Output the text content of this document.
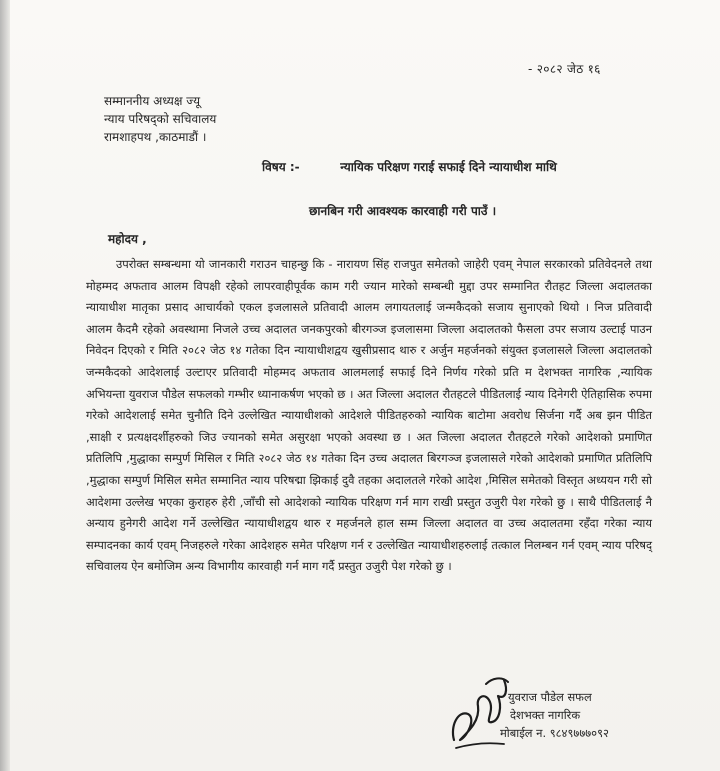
- २०८२ जेठ १६
सम्माननीय अध्यक्ष ज्यू
न्याय परिषद्‌को सचिवालय
रामशाहपथ ,काठमाडौं ।
विषय :-	न्यायिक परिक्षण गराई सफाई दिने न्यायाधीश माथि
छानबिन गरी आवश्यक कारवाही गरी पाउँ ।
महोदय ,
उपरोक्त सम्बन्धमा यो जानकारी गराउन चाहन्छु कि - नारायण सिंह राजपुत समेतको जाहेरी एवम् नेपाल सरकारको प्रतिवेदनले तथा मोहम्मद अफताव आलम विपक्षी रहेको लापरवाहीपूर्वक काम गरी ज्यान मारेको सम्बन्धी मुद्दा उपर सम्मानित रौतहट जिल्ला अदालतका न्यायाधीश मातृका प्रसाद आचार्यको एकल इजलासले प्रतिवादी आलम लगायतलाई जन्मकैदको सजाय सुनाएको थियो । निज प्रतिवादी आलम कैदमै रहेको अवस्थामा निजले उच्च अदालत जनकपुरको बीरगञ्ज इजलासमा जिल्ला अदालतको फैसला उपर सजाय उल्टाई पाउन निवेदन दिएको र मिति २०८२ जेठ १४ गतेका दिन न्यायाधीशद्वय खुसीप्रसाद थारु र अर्जुन महर्जनको संयुक्त इजलासले जिल्ला अदालतको जन्मकैदको आदेशलाई उल्टाएर प्रतिवादी मोहम्मद अफताव आलमलाई सफाई दिने निर्णय गरेको प्रति म देशभक्त नागरिक ,न्यायिक अभियन्ता युवराज पौडेल सफलको गम्भीर ध्यानाकर्षण भएको छ । अत जिल्ला अदालत रौतहटले पीडितलाई न्याय दिनेगरी ऐतिहासिक रुपमा गरेको आदेशलाई समेत चुनौति दिने उल्लेखित न्यायाधीशको आदेशले पीडितहरुको न्यायिक बाटोमा अवरोध सिर्जना गर्दै अब झन पीडित ,साक्षी र प्रत्यक्षदर्शीहरुको जिउ ज्यानको समेत असुरक्षा भएको अवस्था छ । अत जिल्ला अदालत रौतहटले गरेको आदेशको प्रमाणित प्रतिलिपि ,मुद्धाका सम्पुर्ण मिसिल र मिति २०८२ जेठ १४ गतेका दिन उच्च अदालत बिरगञ्ज इजलासले गरेको आदेशको प्रमाणित प्रतिलिपि ,मुद्धाका सम्पुर्ण मिसिल समेत सम्मानित न्याय परिषद्मा झिकाई दुवै तहका अदालतले गरेको आदेश ,मिसिल समेतको विस्तृत अध्ययन गरी सो आदेशमा उल्लेख भएका कुराहरु हेरी ,जाँची सो आदेशको न्यायिक परिक्षण गर्न माग राखी प्रस्तुत उजुरी पेश गरेको छु । साथै पीडितलाई नै अन्याय हुनेगरी आदेश गर्ने उल्लेखित न्यायाधीशद्वय थारु र महर्जनले हाल सम्म जिल्ला अदालत वा उच्च अदालतमा रहँदा गरेका न्याय सम्पादनका कार्य एवम् निजहरुले गरेका आदेशहरु समेत परिक्षण गर्न र उल्लेखित न्यायाधीशहरुलाई तत्काल निलम्बन गर्न एवम् न्याय परिषद् सचिवालय ऐन बमोजिम अन्य विभागीय कारवाही गर्न माग गर्दै प्रस्तुत उजुरी पेश गरेको छु ।
युवराज पौडेल सफल
देशभक्त नागरिक
मोबाईल न. ९८४९७७७०९२
